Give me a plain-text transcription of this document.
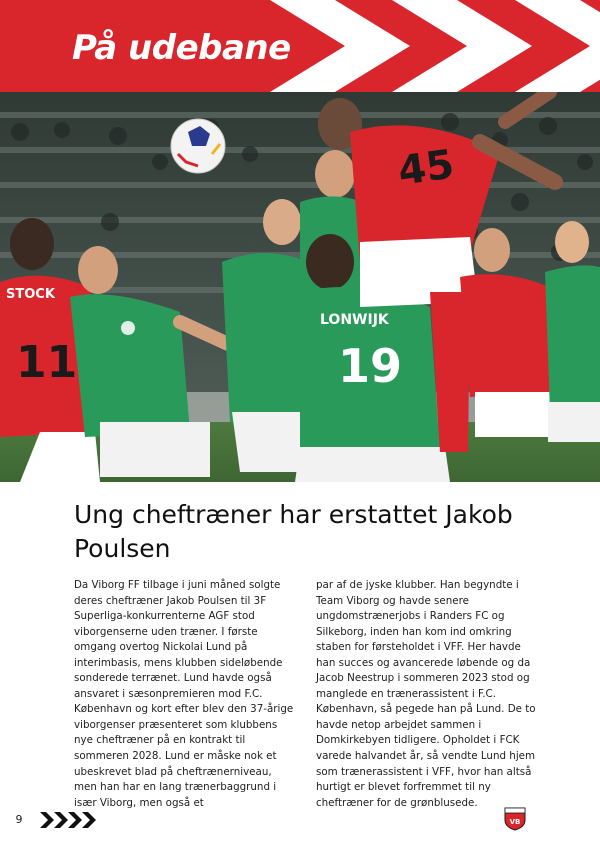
På udebane
STOCK
11
LONWIJK
19
45
Ung cheftræner har erstattet Jakob Poulsen

Da Viborg FF tilbage i juni måned solgte deres cheftræner Jakob Poulsen til 3F Superliga-konkurrenterne AGF stod viborgenserne uden træner. I første omgang overtog Nickolai Lund på interimbasis, mens klubben sideløbende sonderede terrænet. Lund havde også ansvaret i sæsonpremieren mod F.C. København og kort efter blev den 37-årige viborgenser præsenteret som klubbens nye cheftræner på en kontrakt til sommeren 2028. Lund er måske nok et ubeskrevet blad på cheftrænerniveau, men han har en lang trænerbaggrund i især Viborg, men også et

par af de jyske klubber. Han begyndte i Team Viborg og havde senere ungdomstrænerjobs i Randers FC og Silkeborg, inden han kom ind omkring staben for førsteholdet i VFF. Her havde han succes og avancerede løbende og da Jacob Neestrup i sommeren 2023 stod og manglede en trænerassistent i F.C. København, så pegede han på Lund. De to havde netop arbejdet sammen i Domkirkebyen tidligere. Opholdet i FCK varede halvandet år, så vendte Lund hjem som trænerassistent i VFF, hvor han altså hurtigt er blevet forfremmet til ny cheftræner for de grønblusede.

9	VB
